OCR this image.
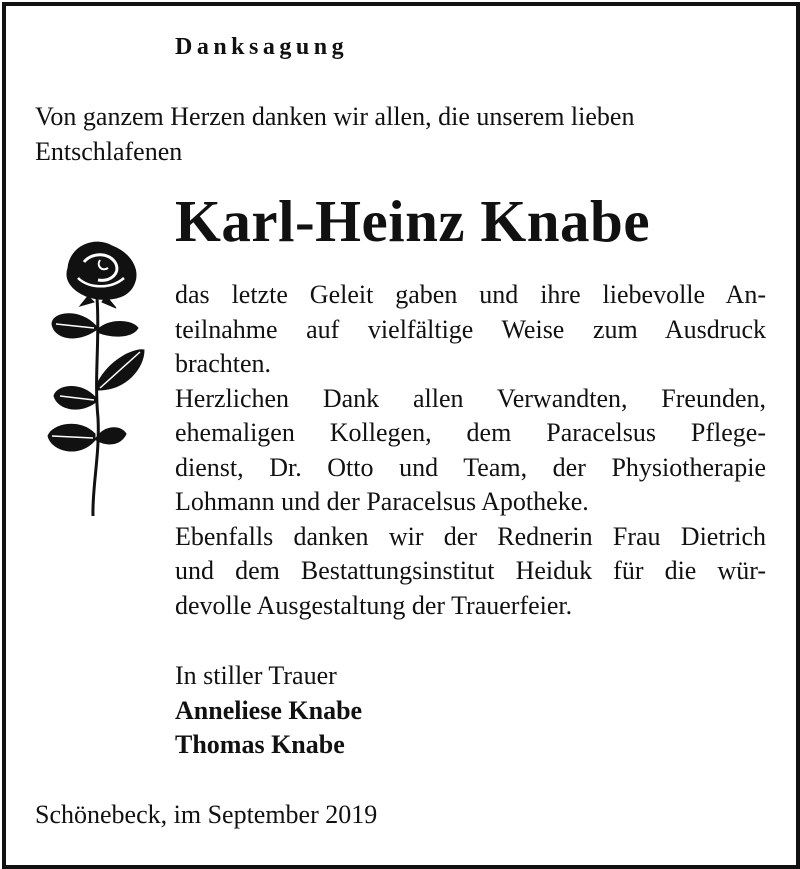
Danksagung

Von ganzem Herzen danken wir allen, die unserem lieben

Entschlafenen

Karl-Heinz Knabe

das letzte Geleit gaben und ihre liebevolle An-

teilnahme auf vielfältige Weise zum Ausdruck

brachten.

Herzlichen Dank allen Verwandten, Freunden,

ehemaligen Kollegen, dem Paracelsus Pflege-

dienst, Dr. Otto und Team, der Physiotherapie

Lohmann und der Paracelsus Apotheke.

Ebenfalls danken wir der Rednerin Frau Dietrich

und dem Bestattungsinstitut Heiduk für die wür-

devolle Ausgestaltung der Trauerfeier.

In stiller Trauer

Anneliese Knabe

Thomas Knabe

Schönebeck, im September 2019
